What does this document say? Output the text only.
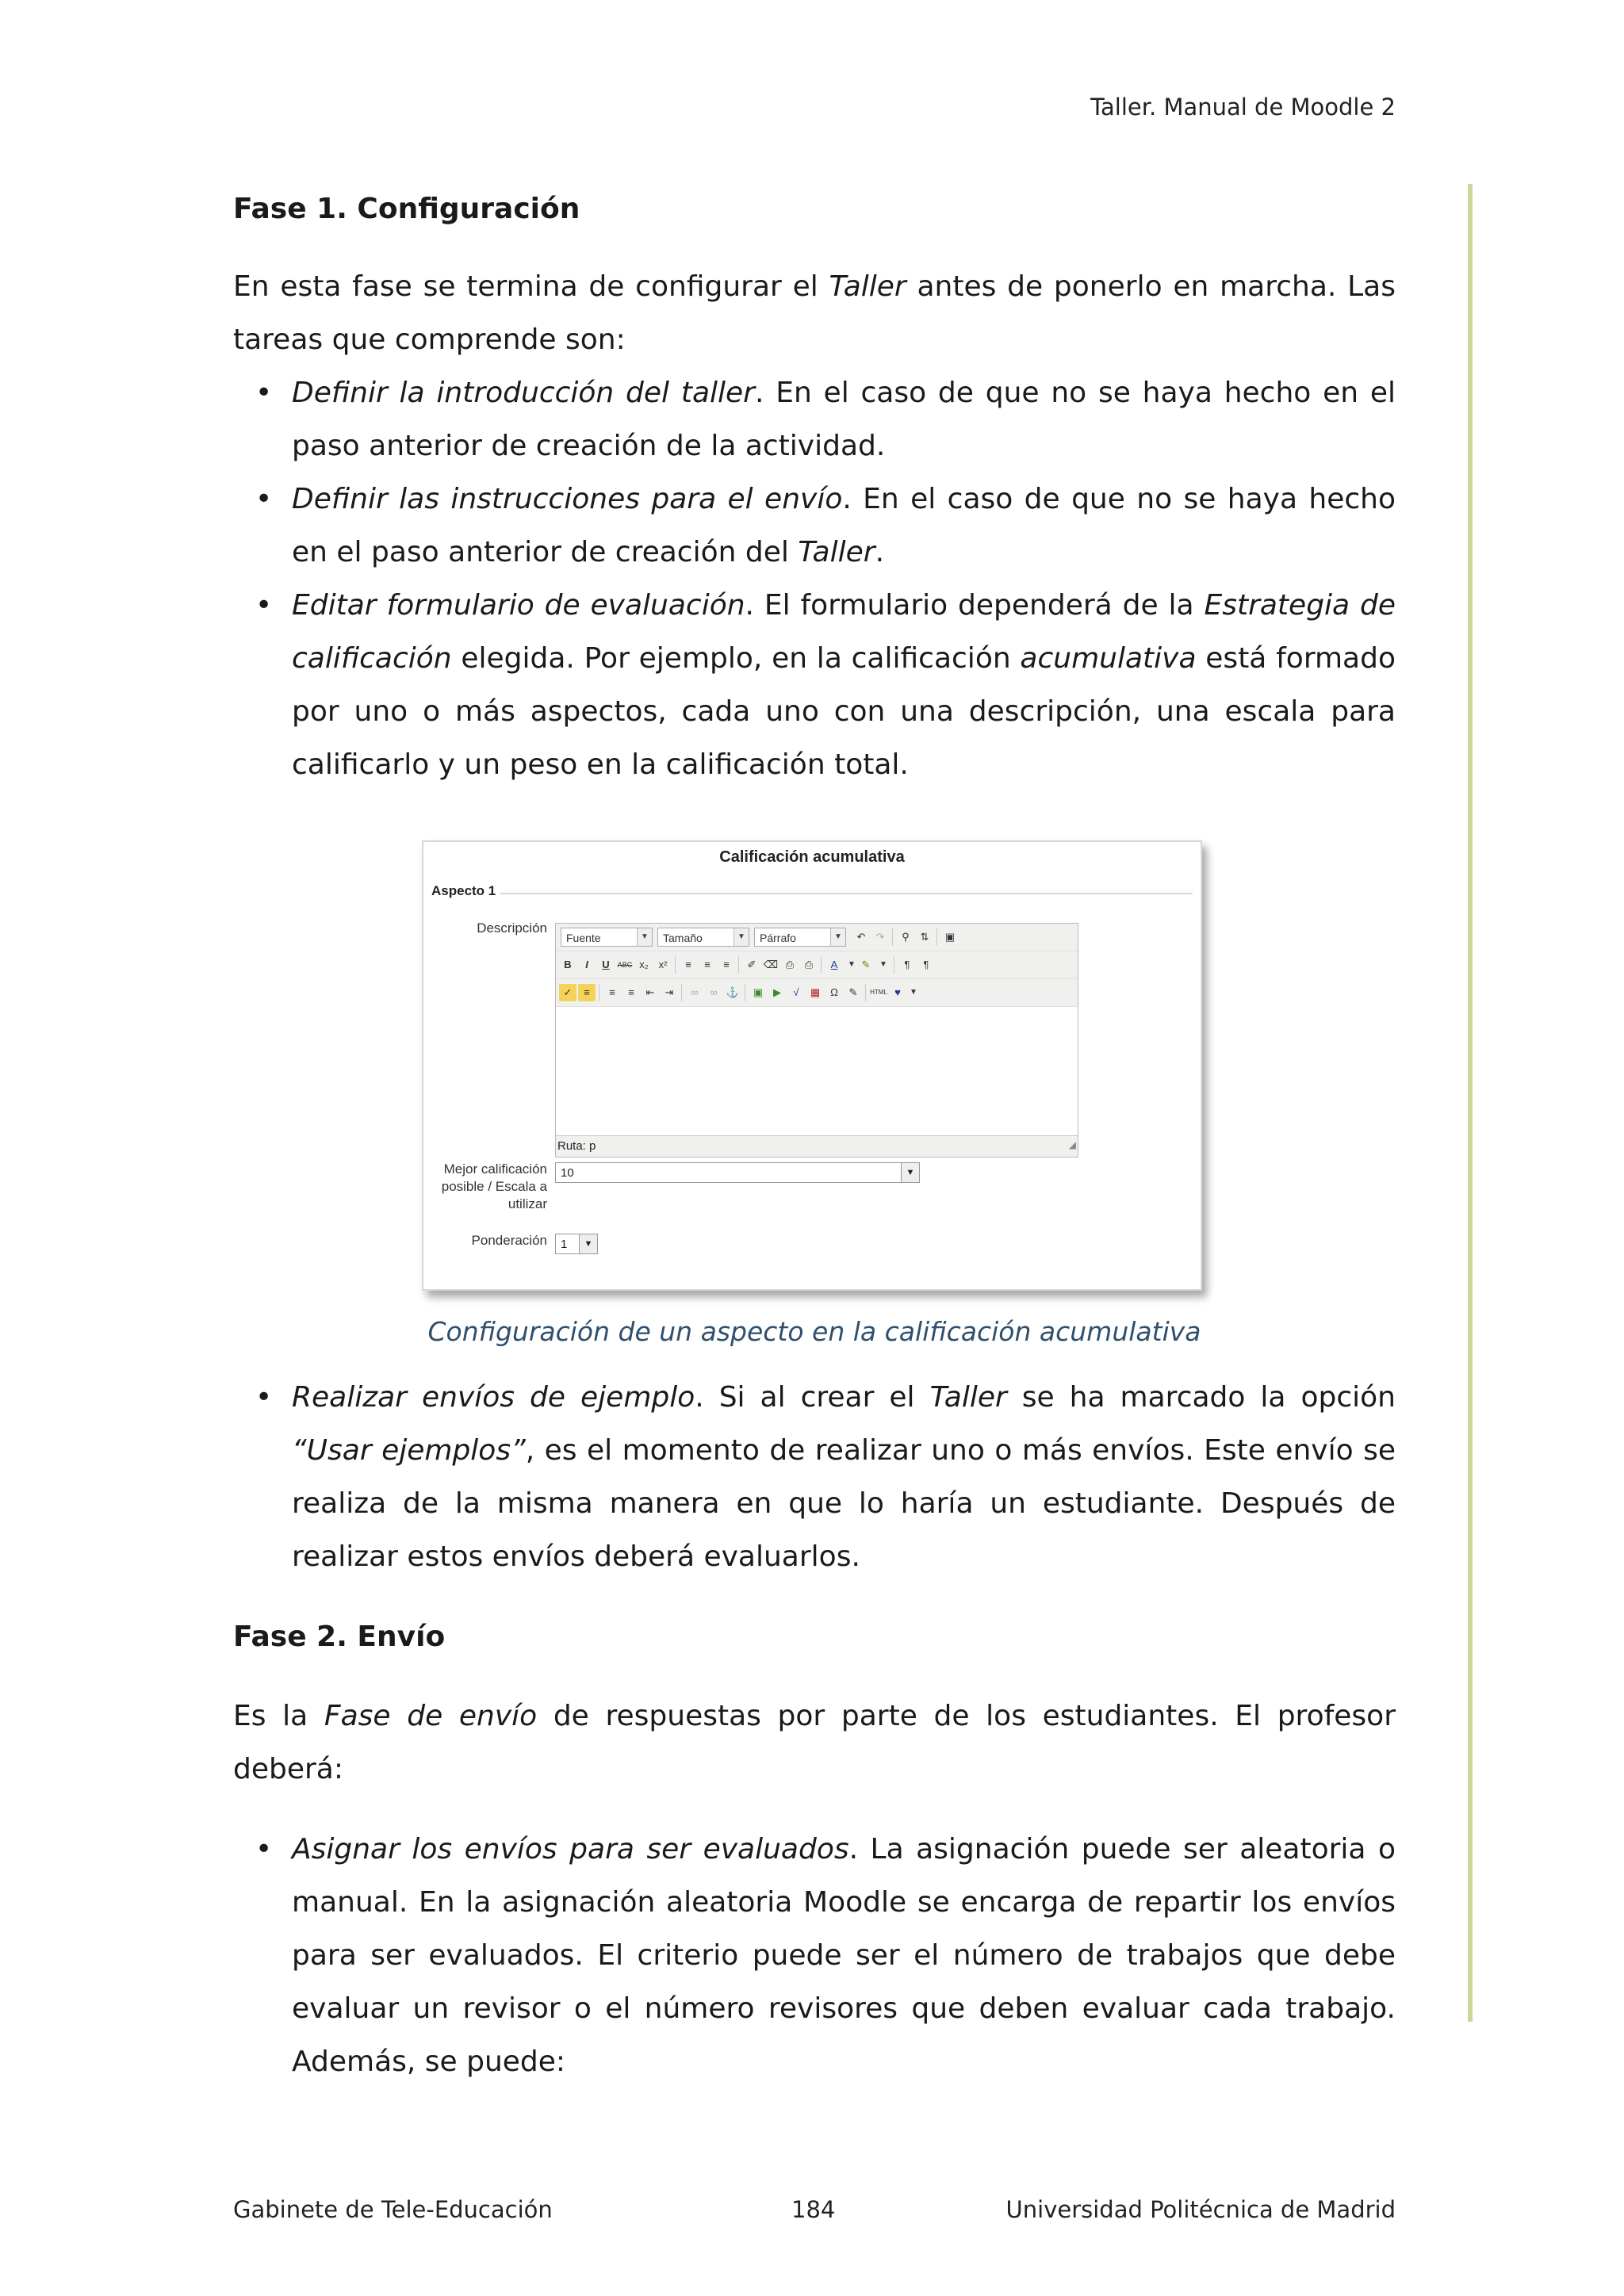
Taller. Manual de Moodle 2
Fase 1. Configuración

En esta fase se termina de configurar el Taller antes de ponerlo en marcha. Las tareas que comprende son:

• Definir la introducción del taller. En el caso de que no se haya hecho en el paso anterior de creación de la actividad.
• Definir las instrucciones para el envío. En el caso de que no se haya hecho en el paso anterior de creación del Taller.
• Editar formulario de evaluación. El formulario dependerá de la Estrategia de calificación elegida. Por ejemplo, en la calificación acumulativa está formado por uno o más aspectos, cada uno con una descripción, una escala para calificarlo y un peso en la calificación total.
Calificación acumulativa
Aspecto 1
Descripción
Fuente	▼	Tamaño	▼	Párrafo	▼	↶	↷	⚲	⇅	▣
B	I	U	ABC x₂ x²	≡	≡	≡	✐ ⌫ ⎙	⎙	A	▼ ✎	▼	¶	¶
✓	≡	≡	≡	⇤	⇥	∞	∞ ⚓	▣ ▶	√	▦	Ω	✎	HTML ♥	▼
Ruta: p	◢
Mejor calificación posible / Escala a utilizar
10	▼
Ponderación	1	▼

Configuración de un aspecto en la calificación acumulativa

• Realizar envíos de ejemplo. Si al crear el Taller se ha marcado la opción “Usar ejemplos”, es el momento de realizar uno o más envíos. Este envío se realiza de la misma manera en que lo haría un estudiante. Después de realizar estos envíos deberá evaluarlos.
Fase 2. Envío

Es la Fase de envío de respuestas por parte de los estudiantes. El profesor deberá:

• Asignar los envíos para ser evaluados. La asignación puede ser aleatoria o manual. En la asignación aleatoria Moodle se encarga de repartir los envíos para ser evaluados. El criterio puede ser el número de trabajos que debe evaluar un revisor o el número revisores que deben evaluar cada trabajo. Además, se puede:
Gabinete de Tele-Educación	184	Universidad Politécnica de Madrid
